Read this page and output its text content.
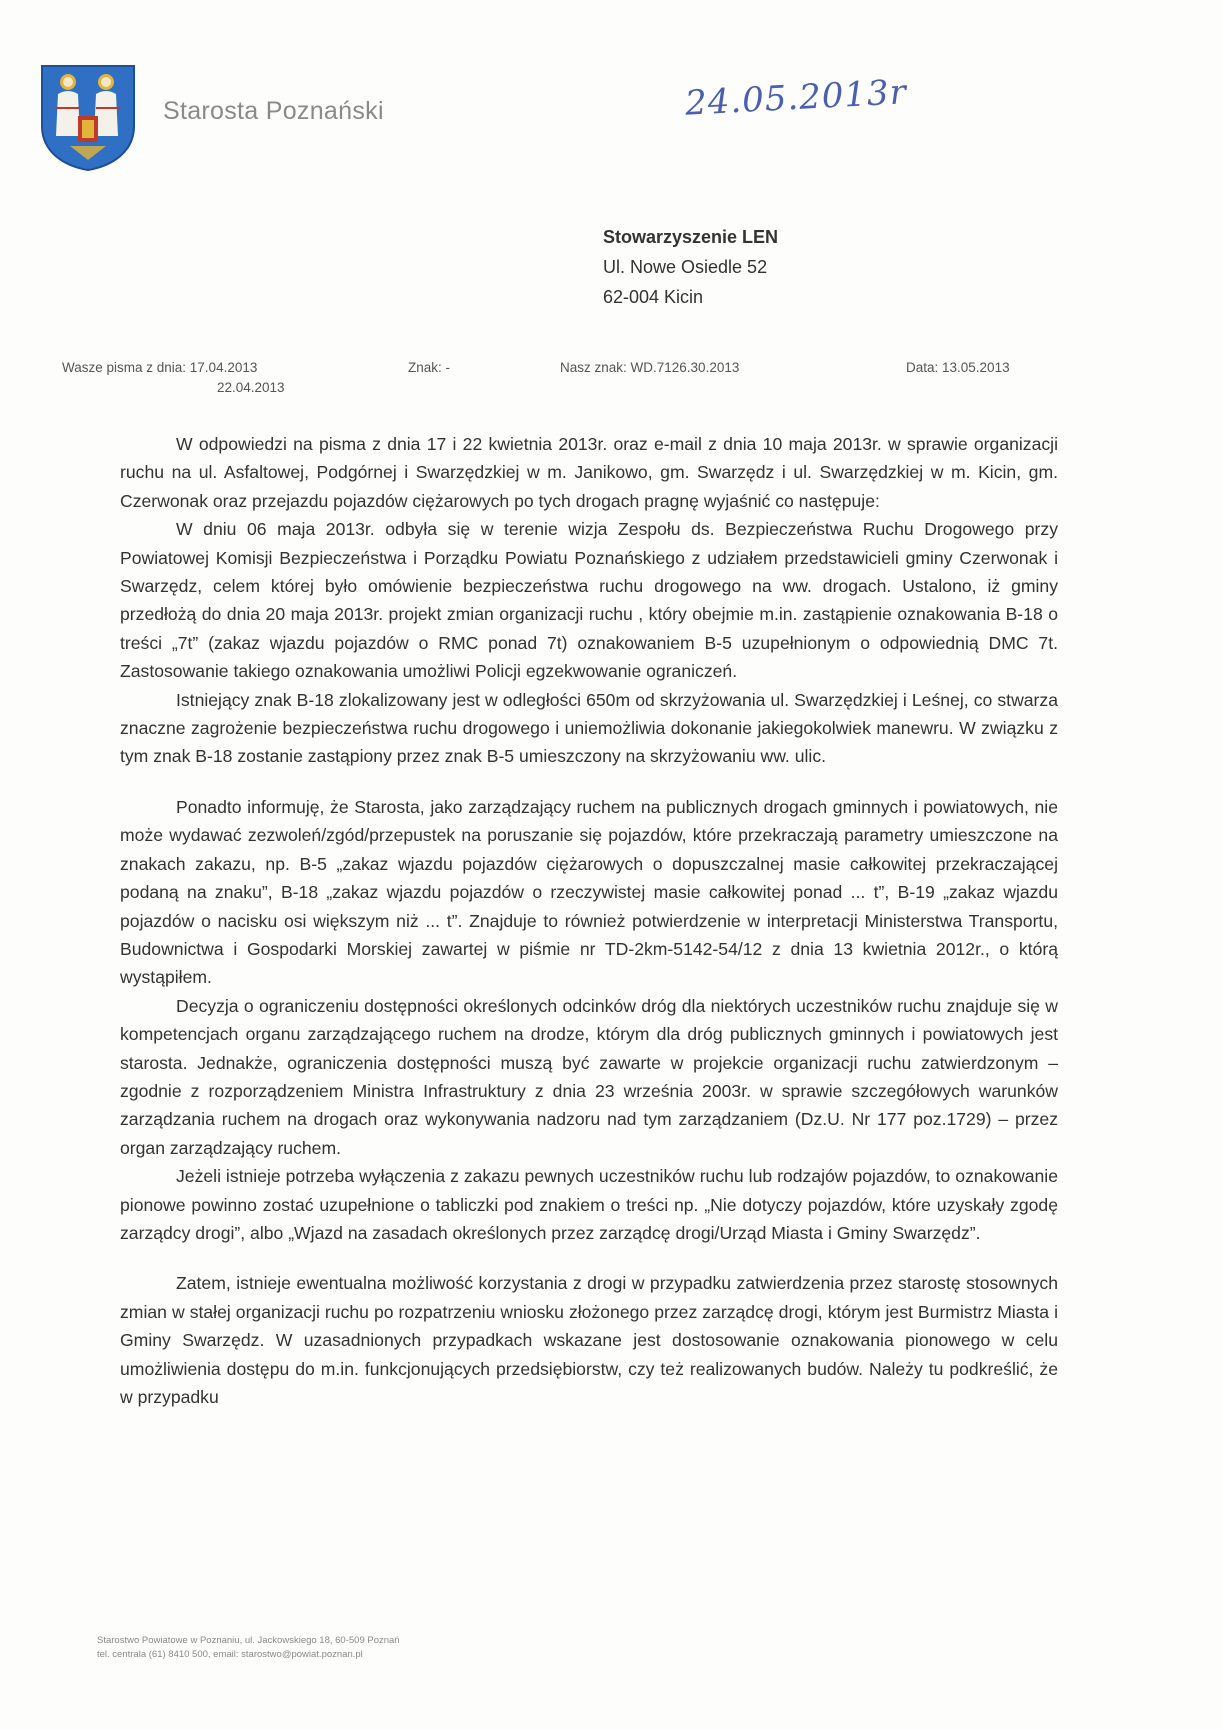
Starosta Poznański	24.05.2013r
Stowarzyszenie LEN
Ul. Nowe Osiedle 52
62-004 Kicin
Wasze pisma z dnia: 17.04.2013
22.04.2013
Znak: -	Nasz znak: WD.7126.30.2013	Data: 13.05.2013

W odpowiedzi na pisma z dnia 17 i 22 kwietnia 2013r. oraz e-mail z dnia 10 maja 2013r. w sprawie organizacji ruchu na ul. Asfaltowej, Podgórnej i Swarzędzkiej w m. Janikowo, gm. Swarzędz i ul. Swarzędzkiej w m. Kicin, gm. Czerwonak oraz przejazdu pojazdów ciężarowych po tych drogach pragnę wyjaśnić co następuje:

W dniu 06 maja 2013r. odbyła się w terenie wizja Zespołu ds. Bezpieczeństwa Ruchu Drogowego przy Powiatowej Komisji Bezpieczeństwa i Porządku Powiatu Poznańskiego z udziałem przedstawicieli gminy Czerwonak i Swarzędz, celem której było omówienie bezpieczeństwa ruchu drogowego na ww. drogach. Ustalono, iż gminy przedłożą do dnia 20 maja 2013r. projekt zmian organizacji ruchu , który obejmie m.in. zastąpienie oznakowania B-18 o treści „7t” (zakaz wjazdu pojazdów o RMC ponad 7t) oznakowaniem B-5 uzupełnionym o odpowiednią DMC 7t. Zastosowanie takiego oznakowania umożliwi Policji egzekwowanie ograniczeń.

Istniejący znak B-18 zlokalizowany jest w odległości 650m od skrzyżowania ul. Swarzędzkiej i Leśnej, co stwarza znaczne zagrożenie bezpieczeństwa ruchu drogowego i uniemożliwia dokonanie jakiegokolwiek manewru. W związku z tym znak B-18 zostanie zastąpiony przez znak B-5 umieszczony na skrzyżowaniu ww. ulic.

Ponadto informuję, że Starosta, jako zarządzający ruchem na publicznych drogach gminnych i powiatowych, nie może wydawać zezwoleń/zgód/przepustek na poruszanie się pojazdów, które przekraczają parametry umieszczone na znakach zakazu, np. B-5 „zakaz wjazdu pojazdów ciężarowych o dopuszczalnej masie całkowitej przekraczającej podaną na znaku”, B-18 „zakaz wjazdu pojazdów o rzeczywistej masie całkowitej ponad ... t”, B-19 „zakaz wjazdu pojazdów o nacisku osi większym niż ... t”. Znajduje to również potwierdzenie w interpretacji Ministerstwa Transportu, Budownictwa i Gospodarki Morskiej zawartej w piśmie nr TD-2km-5142-54/12 z dnia 13 kwietnia 2012r., o którą wystąpiłem.

Decyzja o ograniczeniu dostępności określonych odcinków dróg dla niektórych uczestników ruchu znajduje się w kompetencjach organu zarządzającego ruchem na drodze, którym dla dróg publicznych gminnych i powiatowych jest starosta. Jednakże, ograniczenia dostępności muszą być zawarte w projekcie organizacji ruchu zatwierdzonym – zgodnie z rozporządzeniem Ministra Infrastruktury z dnia 23 września 2003r. w sprawie szczegółowych warunków zarządzania ruchem na drogach oraz wykonywania nadzoru nad tym zarządzaniem (Dz.U. Nr 177 poz.1729) – przez organ zarządzający ruchem.

Jeżeli istnieje potrzeba wyłączenia z zakazu pewnych uczestników ruchu lub rodzajów pojazdów, to oznakowanie pionowe powinno zostać uzupełnione o tabliczki pod znakiem o treści np. „Nie dotyczy pojazdów, które uzyskały zgodę zarządcy drogi”, albo „Wjazd na zasadach określonych przez zarządcę drogi/Urząd Miasta i Gminy Swarzędz”.

Zatem, istnieje ewentualna możliwość korzystania z drogi w przypadku zatwierdzenia przez starostę stosownych zmian w stałej organizacji ruchu po rozpatrzeniu wniosku złożonego przez zarządcę drogi, którym jest Burmistrz Miasta i Gminy Swarzędz. W uzasadnionych przypadkach wskazane jest dostosowanie oznakowania pionowego w celu umożliwienia dostępu do m.in. funkcjonujących przedsiębiorstw, czy też realizowanych budów. Należy tu podkreślić, że w przypadku

Starostwo Powiatowe w Poznaniu, ul. Jackowskiego 18, 60-509 Poznań
tel. centrala (61) 8410 500, email: starostwo@powiat.poznan.pl
